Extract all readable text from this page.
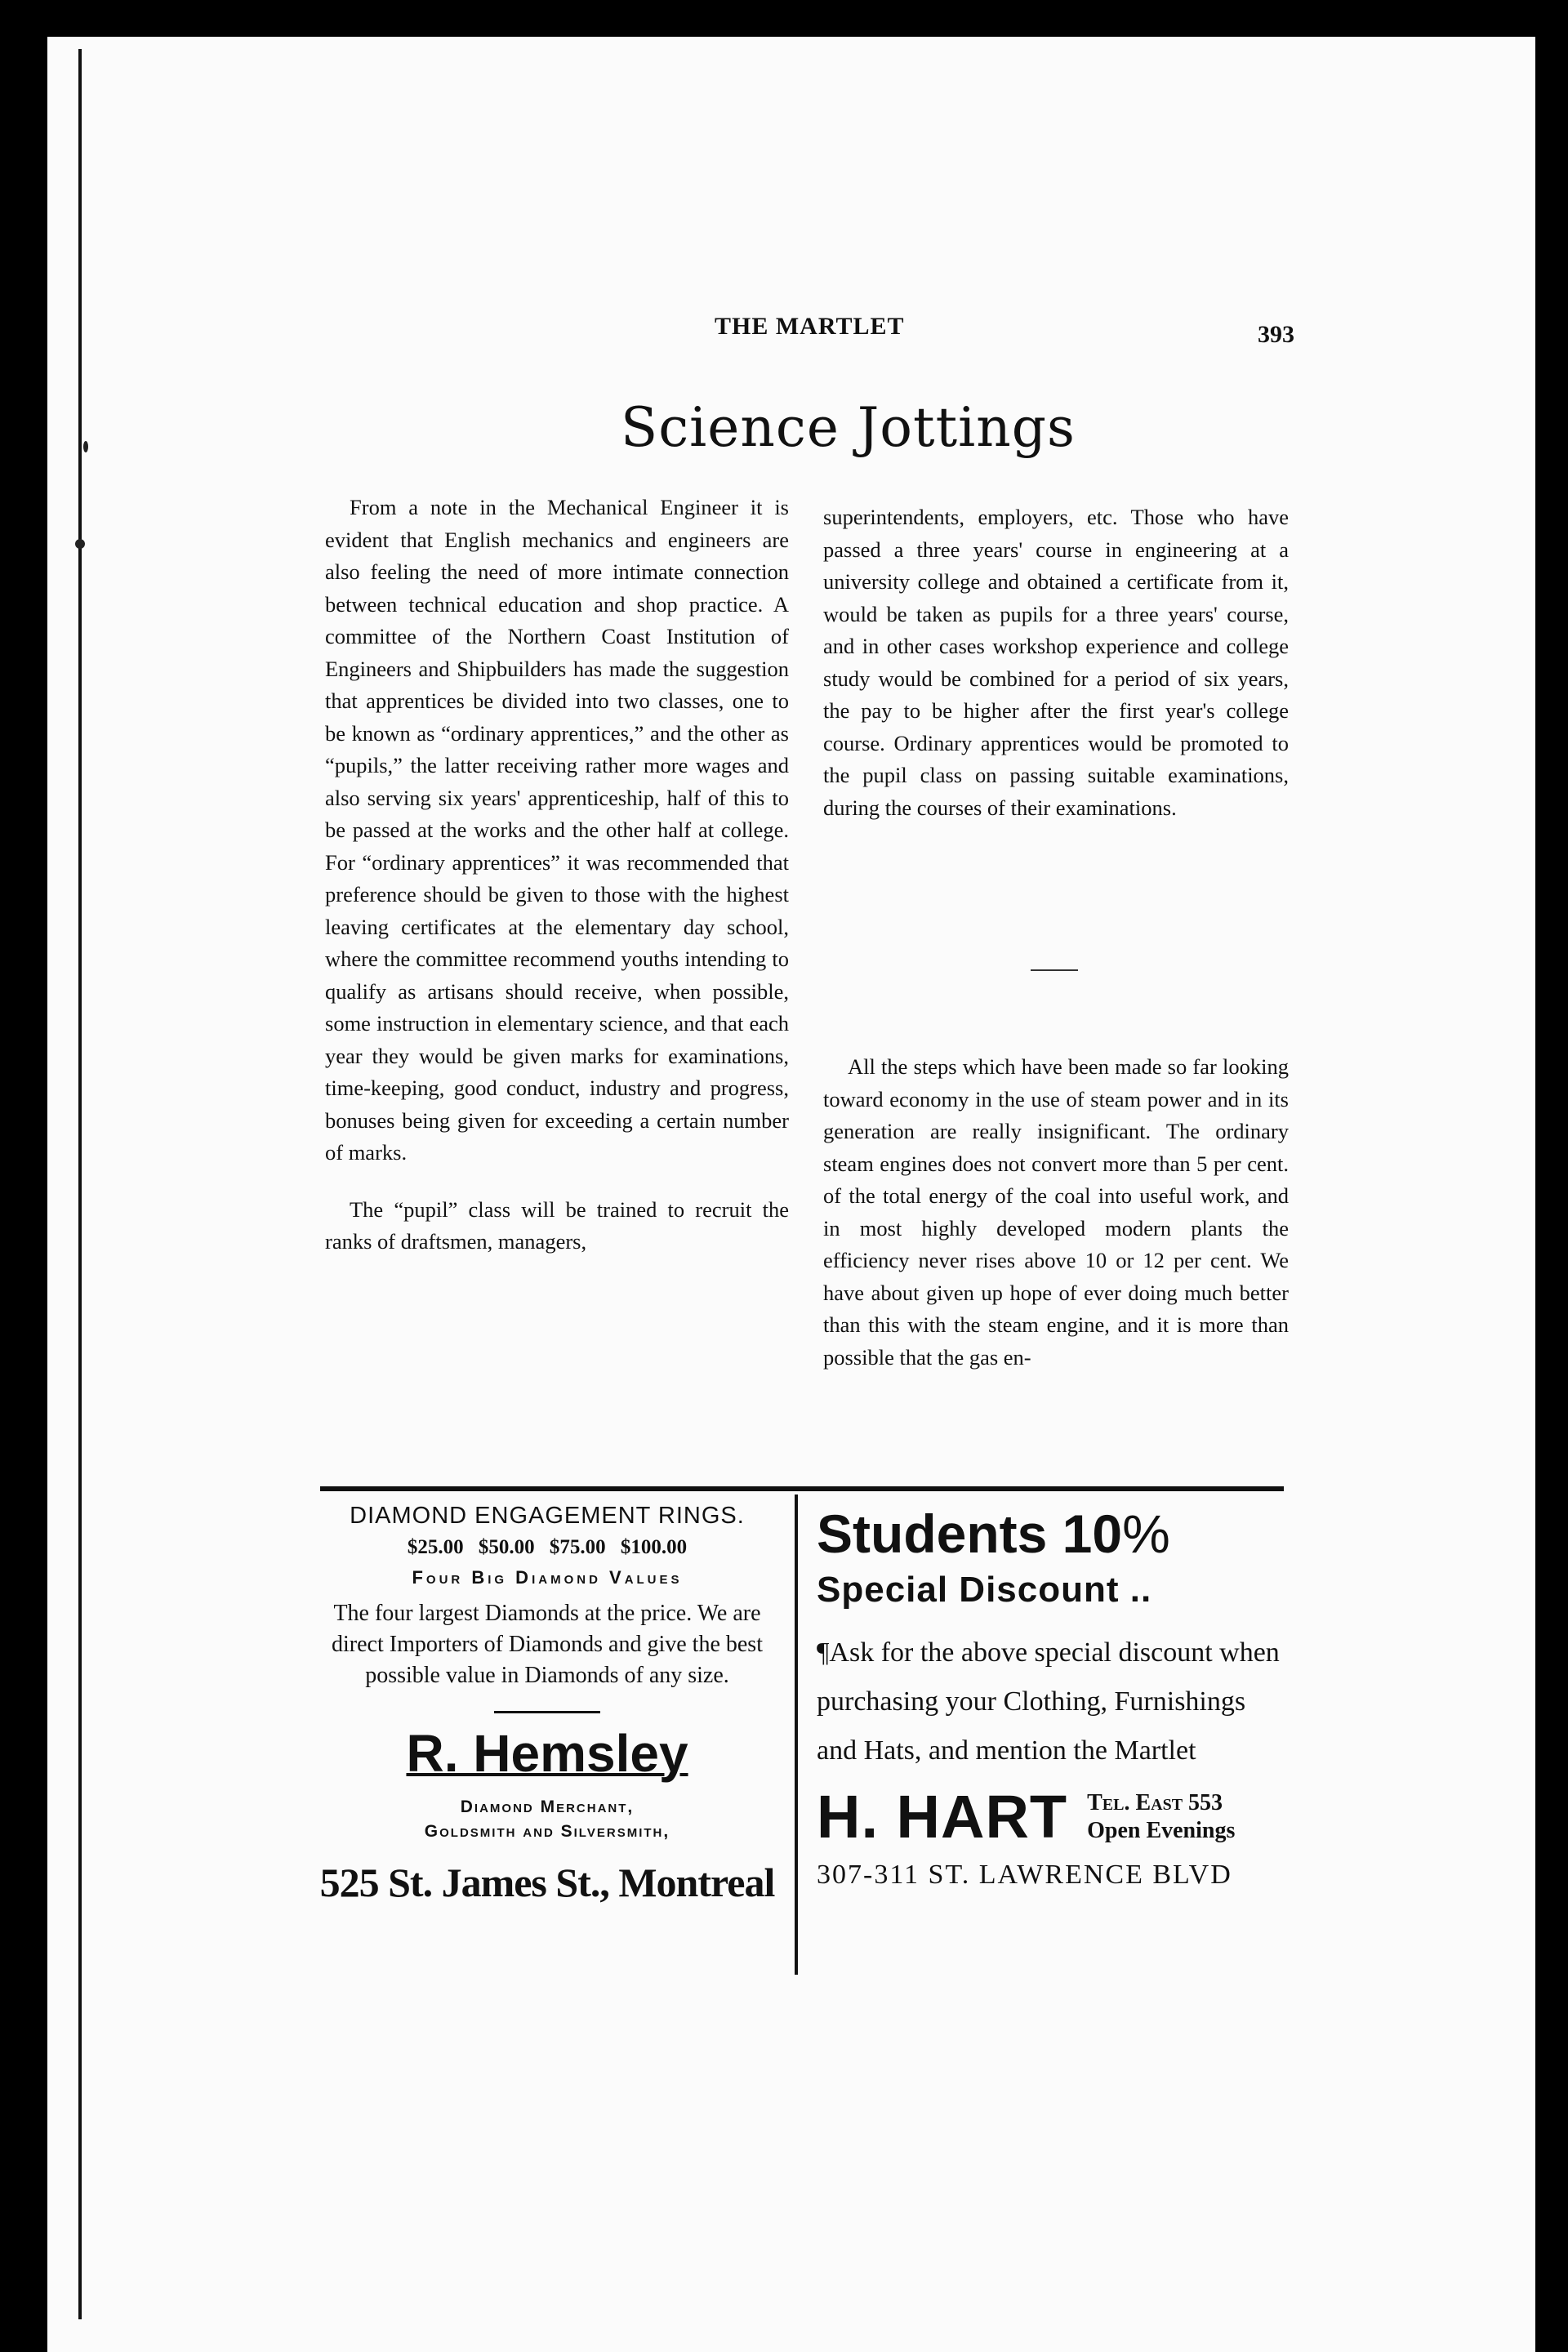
THE MARTLET	393
Science Jottings

From a note in the Mechanical Engineer it is evident that English mechanics and engineers are also feeling the need of more intimate connection between technical education and shop practice. A committee of the Northern Coast Institution of Engineers and Shipbuilders has made the suggestion that apprentices be divided into two classes, one to be known as “ordinary apprentices,” and the other as “pupils,” the latter receiving rather more wages and also serving six years' apprenticeship, half of this to be passed at the works and the other half at college. For “ordinary apprentices” it was recommended that preference should be given to those with the highest leaving certificates at the elementary day school, where the committee recommend youths intending to qualify as artisans should receive, when possible, some instruction in elementary science, and that each year they would be given marks for examinations, time-keeping, good conduct, industry and progress, bonuses being given for exceeding a certain number of marks.

The “pupil” class will be trained to recruit the ranks of draftsmen, managers,

superintendents, employers, etc. Those who have passed a three years' course in engineering at a university college and obtained a certificate from it, would be taken as pupils for a three years' course, and in other cases workshop experience and college study would be combined for a period of six years, the pay to be higher after the first year's college course. Ordinary apprentices would be promoted to the pupil class on passing suitable examinations, during the courses of their examinations.

All the steps which have been made so far looking toward economy in the use of steam power and in its generation are really insignificant. The ordinary steam engines does not convert more than 5 per cent. of the total energy of the coal into useful work, and in most highly developed modern plants the efficiency never rises above 10 or 12 per cent. We have about given up hope of ever doing much better than this with the steam engine, and it is more than possible that the gas en-

DIAMOND ENGAGEMENT RINGS.
$25.00 $50.00 $75.00 $100.00
Four Big Diamond Values
The four largest Diamonds at the price. We are direct Importers of Diamonds and give the best possible value in Diamonds of any size.
R. Hemsley
Diamond Merchant,
Goldsmith and Silversmith,
525 St. James St., Montreal
Students 10%
Special Discount ..
¶Ask for the above special discount when purchasing your Clothing, Furnishings and Hats, and mention the Martlet
H. HART Tel. East 553
Open Evenings
307-311 ST. LAWRENCE BLVD
